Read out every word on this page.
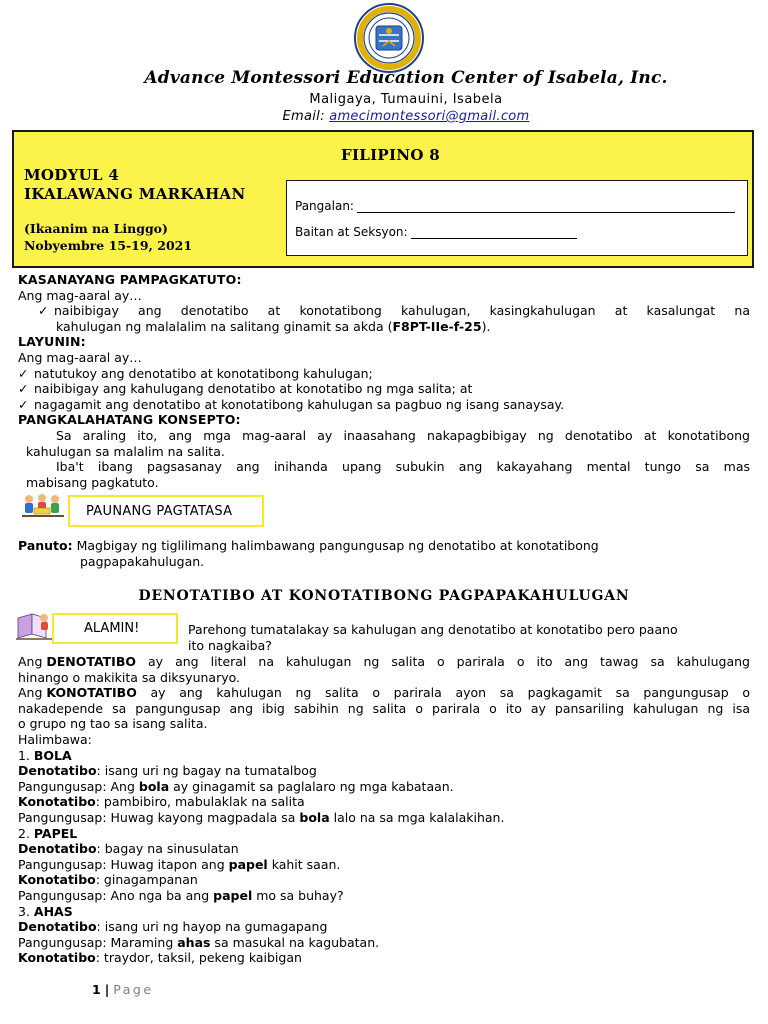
Advance Montessori Education Center of Isabela, Inc.
Maligaya, Tumauini, Isabela
Email: amecimontessori@gmail.com
FILIPINO 8
MODYUL 4
IKALAWANG MARKAHAN
(Ikaanim na Linggo)
Nobyembre 15-19, 2021
Pangalan:
Baitan at Seksyon:
KASANAYANG PAMPAGKATUTO:
Ang mag-aaral ay…
✓ naibibigay ang denotatibo at konotatibong kahulugan, kasingkahulugan at kasalungat na
kahulugan ng malalalim na salitang ginamit sa akda (F8PT-IIe-f-25).
LAYUNIN:
Ang mag-aaral ay…
✓ natutukoy ang denotatibo at konotatibong kahulugan;
✓ naibibigay ang kahulugang denotatibo at konotatibo ng mga salita; at
✓ nagagamit ang denotatibo at konotatibong kahulugan sa pagbuo ng isang sanaysay.
PANGKALAHATANG KONSEPTO:
Sa araling ito, ang mga mag-aaral ay inaasahang nakapagbibigay ng denotatibo at konotatibong
kahulugan sa malalim na salita.
Iba't ibang pagsasanay ang inihanda upang subukin ang kakayahang mental tungo sa mas
mabisang pagkatuto.
PAUNANG PAGTATASA
Panuto: Magbigay ng tiglilimang halimbawang pangungusap ng denotatibo at konotatibong
pagpapakahulugan.
DENOTATIBO AT KONOTATIBONG PAGPAPAKAHULUGAN
ALAMIN!	Parehong tumatalakay sa kahulugan ang denotatibo at konotatibo pero paano
ito nagkaiba?
Ang DENOTATIBO ay ang literal na kahulugan ng salita o parirala o ito ang tawag sa kahulugang
hinango o makikita sa diksyunaryo.
Ang KONOTATIBO ay ang kahulugan ng salita o parirala ayon sa pagkagamit sa pangungusap o
nakadepende sa pangungusap ang ibig sabihin ng salita o parirala o ito ay pansariling kahulugan ng isa
o grupo ng tao sa isang salita.
Halimbawa:
1. BOLA
Denotatibo: isang uri ng bagay na tumatalbog
Pangungusap: Ang bola ay ginagamit sa paglalaro ng mga kabataan.
Konotatibo: pambibiro, mabulaklak na salita
Pangungusap: Huwag kayong magpadala sa bola lalo na sa mga kalalakihan.
2. PAPEL
Denotatibo: bagay na sinusulatan
Pangungusap: Huwag itapon ang papel kahit saan.
Konotatibo: ginagampanan
Pangungusap: Ano nga ba ang papel mo sa buhay?
3. AHAS
Denotatibo: isang uri ng hayop na gumagapang
Pangungusap: Maraming ahas sa masukal na kagubatan.
Konotatibo: traydor, taksil, pekeng kaibigan
1 | Page
